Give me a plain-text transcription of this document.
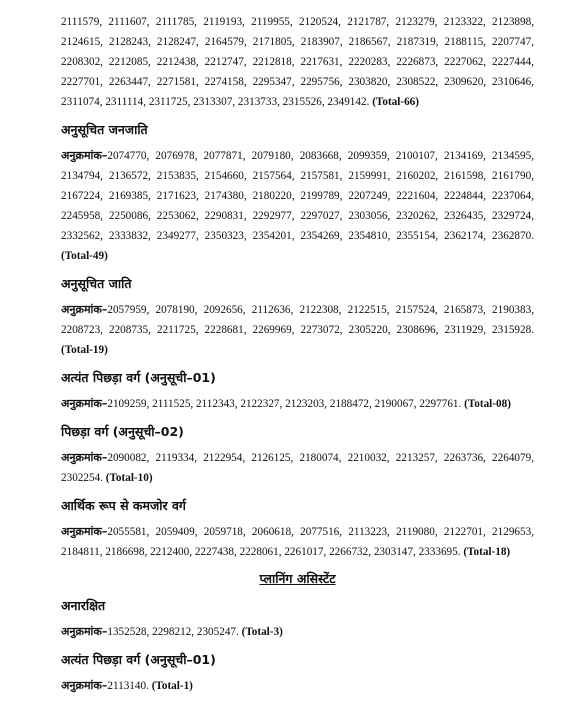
2111579, 2111607, 2111785, 2119193, 2119955, 2120524, 2121787, 2123279, 2123322, 2123898, 2124615, 2128243, 2128247, 2164579, 2171805, 2183907, 2186567, 2187319, 2188115, 2207747, 2208302, 2212085, 2212438, 2212747, 2212818, 2217631, 2220283, 2226873, 2227062, 2227444, 2227701, 2263447, 2271581, 2274158, 2295347, 2295756, 2303820, 2308522, 2309620, 2310646, 2311074, 2311114, 2311725, 2313307, 2313733, 2315526, 2349142. (Total-66)

अनुसूचित जनजाति

अनुक्रमांक–2074770, 2076978, 2077871, 2079180, 2083668, 2099359, 2100107, 2134169, 2134595, 2134794, 2136572, 2153835, 2154660, 2157564, 2157581, 2159991, 2160202, 2161598, 2161790, 2167224, 2169385, 2171623, 2174380, 2180220, 2199789, 2207249, 2221604, 2224844, 2237064, 2245958, 2250086, 2253062, 2290831, 2292977, 2297027, 2303056, 2320262, 2326435, 2329724, 2332562, 2333832, 2349277, 2350323, 2354201, 2354269, 2354810, 2355154, 2362174, 2362870. (Total-49)

अनुसूचित जाति

अनुक्रमांक–2057959, 2078190, 2092656, 2112636, 2122308, 2122515, 2157524, 2165873, 2190383, 2208723, 2208735, 2211725, 2228681, 2269969, 2273072, 2305220, 2308696, 2311929, 2315928. (Total-19)

अत्यंत पिछड़ा वर्ग (अनुसूची–01)

अनुक्रमांक–2109259, 2111525, 2112343, 2122327, 2123203, 2188472, 2190067, 2297761. (Total-08)

पिछड़ा वर्ग (अनुसूची–02)

अनुक्रमांक–2090082, 2119334, 2122954, 2126125, 2180074, 2210032, 2213257, 2263736, 2264079, 2302254. (Total-10)

आर्थिक रूप से कमजोर वर्ग

अनुक्रमांक–2055581, 2059409, 2059718, 2060618, 2077516, 2113223, 2119080, 2122701, 2129653, 2184811, 2186698, 2212400, 2227438, 2228061, 2261017, 2266732, 2303147, 2333695. (Total-18)

प्लानिंग असिस्टेंट
अनारक्षित

अनुक्रमांक–1352528, 2298212, 2305247. (Total-3)

अत्यंत पिछड़ा वर्ग (अनुसूची–01)

अनुक्रमांक–2113140. (Total-1)
